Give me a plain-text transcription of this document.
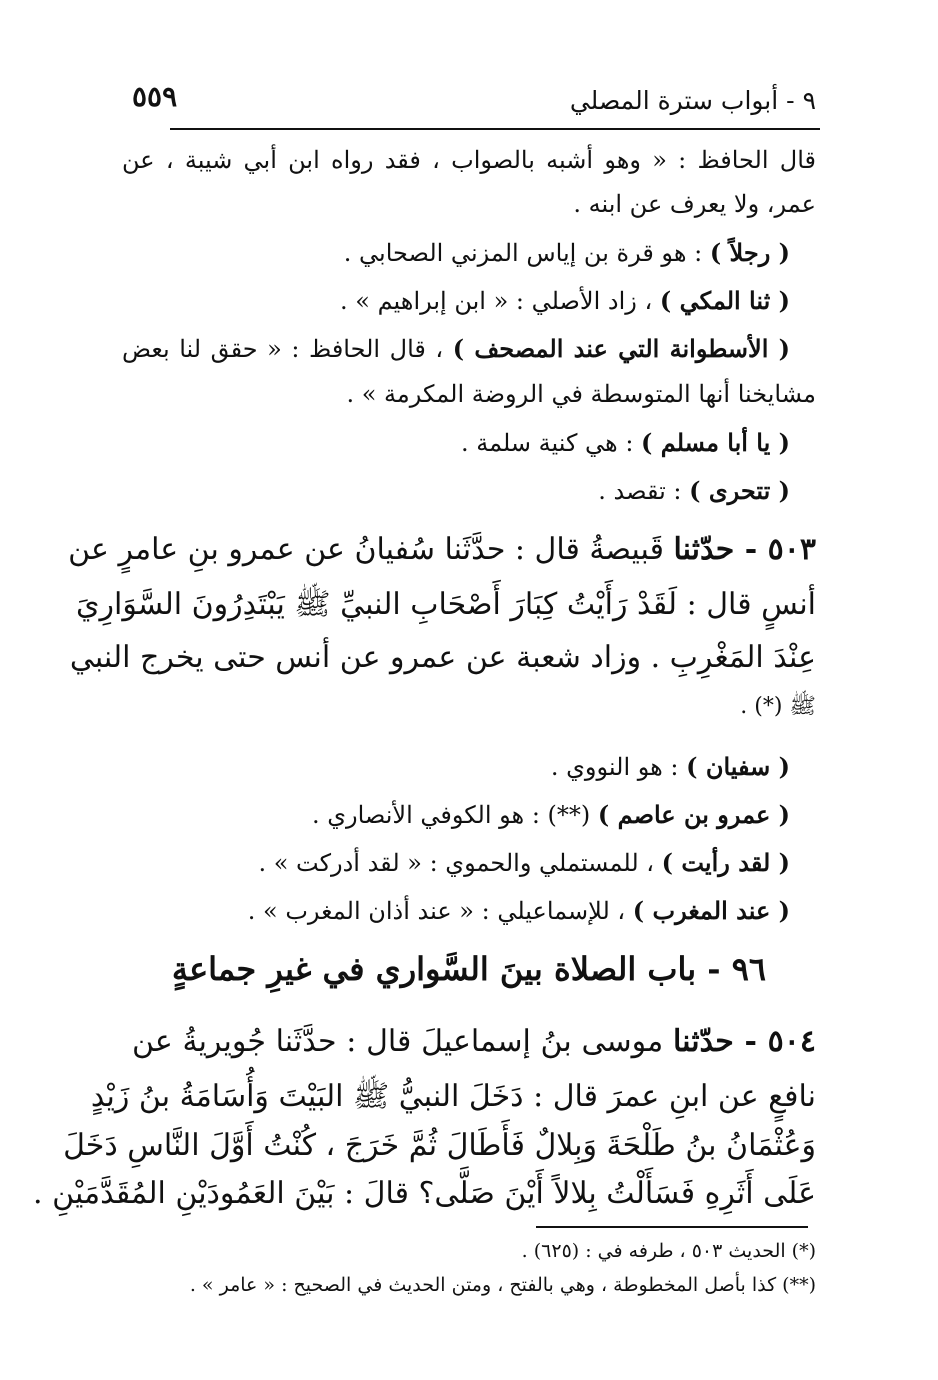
٩ - أبواب سترة المصلي
٥٥٩
قال الحافظ : « وهو أشبه بالصواب ، فقد رواه ابن أبي شيبة ، عن
عمر، ولا يعرف عن ابنه .
( رجلاً ) : هو قرة بن إياس المزني الصحابي .
( ثنا المكي ) ، زاد الأصلي : « ابن إبراهيم » .
( الأسطوانة التي عند المصحف ) ، قال الحافظ : « حقق لنا بعض
مشايخنا أنها المتوسطة في الروضة المكرمة » .
( يا أبا مسلم ) : هي كنية سلمة .
( تتحرى ) : تقصد .
٥٠٣ - حدّثنا قَبيصةُ قال : حدَّثَنا سُفيانُ عن عمرو بنِ عامرٍ عن
أنسٍ قال : لَقَدْ رَأَيْتُ كِبَارَ أَصْحَابِ النبيِّ ﷺ يَبْتَدِرُونَ السَّوَارِيَ
عِنْدَ المَغْرِبِ . وزاد شعبة عن عمرو عن أنس حتى يخرج النبي
ﷺ (*) .
( سفيان ) : هو النووي .
( عمرو بن عاصم ) (**) : هو الكوفي الأنصاري .
( لقد رأيت ) ، للمستملي والحموي : « لقد أدركت » .
( عند المغرب ) ، للإسماعيلي : « عند أذان المغرب » .
٩٦ - باب الصلاة بينَ السَّواري في غيرِ جماعةٍ
٥٠٤ - حدّثنا موسى بنُ إسماعيلَ قال : حدَّثَنا جُويريةُ عن
نافعٍ عن ابنِ عمرَ قال : دَخَلَ النبيُّ ﷺ البَيْتَ وَأُسَامَةُ بنُ زَيْدٍ
وَعُثْمَانُ بنُ طَلْحَةَ وَبِلالٌ فَأَطَالَ ثُمَّ خَرَجَ ، كُنْتُ أَوَّلَ النَّاسِ دَخَلَ
عَلَى أَثَرِهِ فَسَأَلْتُ بِلالاً أَيْنَ صَلَّى؟ قالَ : بَيْنَ العَمُودَيْنِ المُقَدَّمَيْنِ .
(*) الحديث ٥٠٣ ، طرفه في : (٦٢٥) .
(**) كذا بأصل المخطوطة ، وهي بالفتح ، ومتن الحديث في الصحيح : « عامر » .
